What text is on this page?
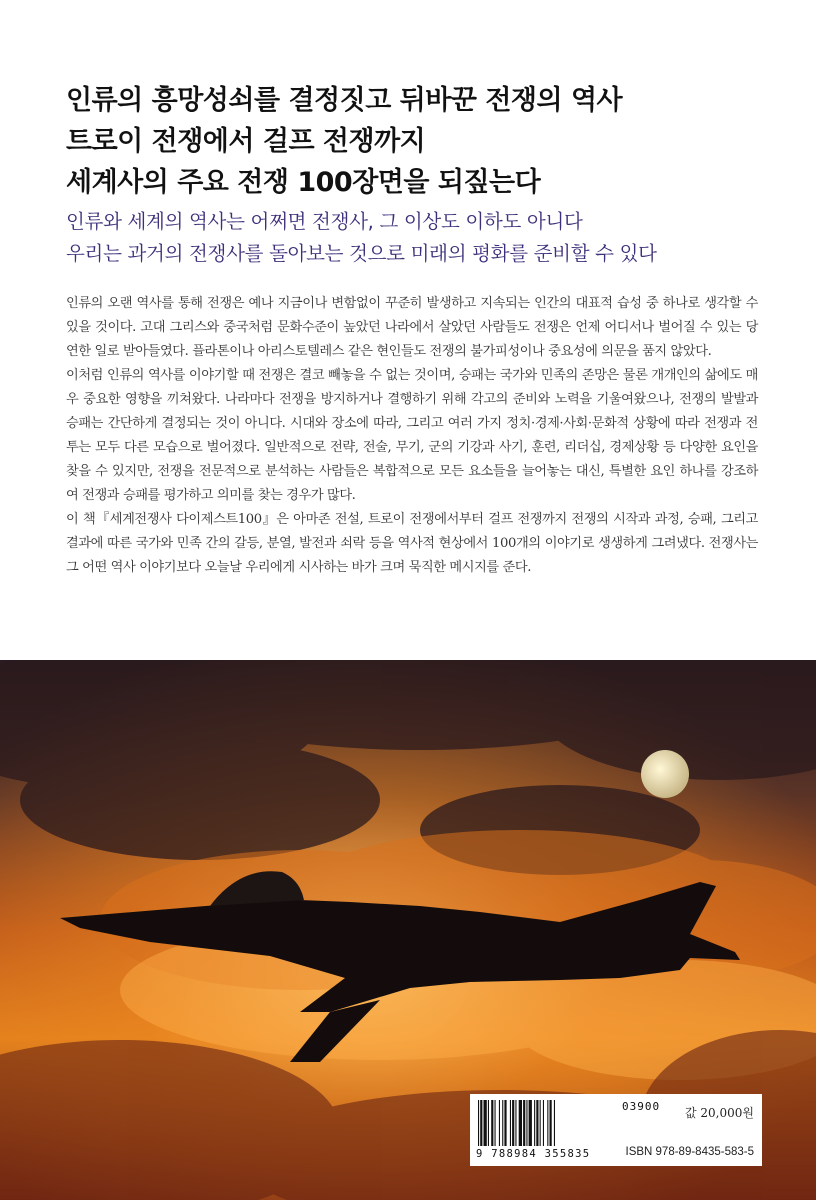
인류의 흥망성쇠를 결정짓고 뒤바꾼 전쟁의 역사
트로이 전쟁에서 걸프 전쟁까지
세계사의 주요 전쟁 100장면을 되짚는다
인류와 세계의 역사는 어쩌면 전쟁사, 그 이상도 이하도 아니다
우리는 과거의 전쟁사를 돌아보는 것으로 미래의 평화를 준비할 수 있다

인류의 오랜 역사를 통해 전쟁은 예나 지금이나 변함없이 꾸준히 발생하고 지속되는 인간의 대표적 습성 중 하나로 생각할 수 있을 것이다. 고대 그리스와 중국처럼 문화수준이 높았던 나라에서 살았던 사람들도 전쟁은 언제 어디서나 벌어질 수 있는 당연한 일로 받아들였다. 플라톤이나 아리스토텔레스 같은 현인들도 전쟁의 불가피성이나 중요성에 의문을 품지 않았다.

이처럼 인류의 역사를 이야기할 때 전쟁은 결코 빼놓을 수 없는 것이며, 승패는 국가와 민족의 존망은 물론 개개인의 삶에도 매우 중요한 영향을 끼쳐왔다. 나라마다 전쟁을 방지하거나 결행하기 위해 각고의 준비와 노력을 기울여왔으나, 전쟁의 발발과 승패는 간단하게 결정되는 것이 아니다. 시대와 장소에 따라, 그리고 여러 가지 정치·경제·사회·문화적 상황에 따라 전쟁과 전투는 모두 다른 모습으로 벌어졌다. 일반적으로 전략, 전술, 무기, 군의 기강과 사기, 훈련, 리더십, 경제상황 등 다양한 요인을 찾을 수 있지만, 전쟁을 전문적으로 분석하는 사람들은 복합적으로 모든 요소들을 늘어놓는 대신, 특별한 요인 하나를 강조하여 전쟁과 승패를 평가하고 의미를 찾는 경우가 많다.

이 책『세계전쟁사 다이제스트100』은 아마존 전설, 트로이 전쟁에서부터 걸프 전쟁까지 전쟁의 시작과 과정, 승패, 그리고 결과에 따른 국가와 민족 간의 갈등, 분열, 발전과 쇠락 등을 역사적 현상에서 100개의 이야기로 생생하게 그려냈다. 전쟁사는 그 어떤 역사 이야기보다 오늘날 우리에게 시사하는 바가 크며 묵직한 메시지를 준다.

03900
9 788984 355835
값 20,000원
ISBN 978-89-8435-583-5
